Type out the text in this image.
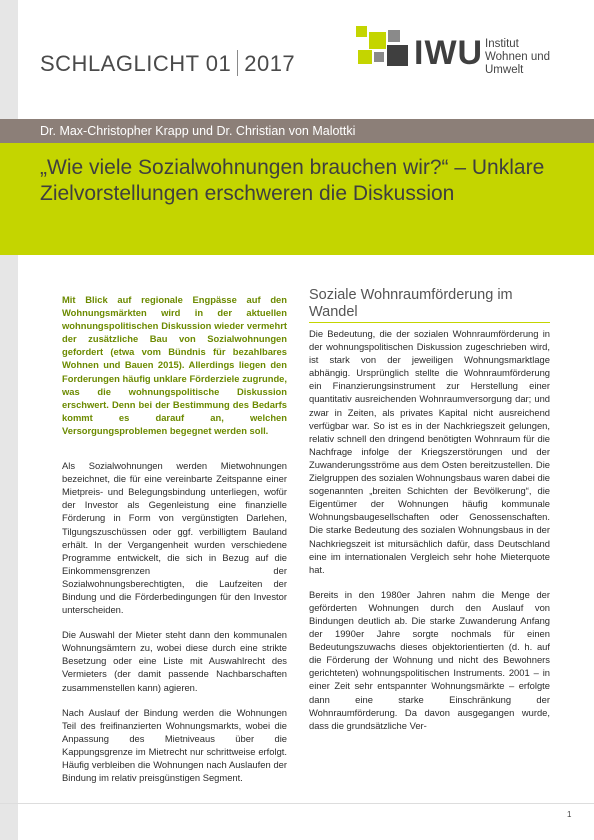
SCHLAGLICHT 01 2017	IWU Institut
Wohnen und
Umwelt
Dr. Max-Christopher Krapp und Dr. Christian von Malottki
„Wie viele Sozialwohnungen brauchen wir?“ – Unklare Zielvorstellungen erschweren die Diskussion

Mit Blick auf regionale Engpässe auf den Wohnungsmärkten wird in der aktuellen wohnungspolitischen Diskussion wieder vermehrt der zusätzliche Bau von Sozialwohnungen gefordert (etwa vom Bündnis für bezahlbares Wohnen und Bauen 2015). Allerdings liegen den Forderungen häufig unklare Förderziele zugrunde, was die wohnungspolitische Diskussion erschwert. Denn bei der Bestimmung des Bedarfs kommt es darauf an, welchen Versorgungsproblemen begegnet werden soll.

Als Sozialwohnungen werden Mietwohnungen bezeichnet, die für eine vereinbarte Zeitspanne einer Mietpreis- und Belegungsbindung unterliegen, wofür der Investor als Gegenleistung eine finanzielle Förderung in Form von vergünstigten Darlehen, Tilgungszuschüssen oder ggf. verbilligtem Bauland erhält. In der Vergangenheit wurden verschiedene Programme entwickelt, die sich in Bezug auf die Einkommensgrenzen der Sozialwohnungsberechtigten, die Laufzeiten der Bindung und die Förderbedingungen für den Investor unterscheiden.

Die Auswahl der Mieter steht dann den kommunalen Wohnungsämtern zu, wobei diese durch eine strikte Besetzung oder eine Liste mit Auswahlrecht des Vermieters (der damit passende Nachbarschaften zusammenstellen kann) agieren.

Nach Auslauf der Bindung werden die Wohnungen Teil des freifinanzierten Wohnungsmarkts, wobei die Anpassung des Mietniveaus über die Kappungsgrenze im Mietrecht nur schrittweise erfolgt. Häufig verbleiben die Wohnungen nach Auslaufen der Bindung im relativ preisgünstigen Segment.

Soziale Wohnraumförderung im Wandel

Die Bedeutung, die der sozialen Wohnraumförderung in der wohnungspolitischen Diskussion zugeschrieben wird, ist stark von der jeweiligen Wohnungsmarktlage abhängig. Ursprünglich stellte die Wohnraumförderung ein Finanzierungsinstrument zur Herstellung einer quantitativ ausreichenden Wohnraumversorgung dar; und zwar in Zeiten, als privates Kapital nicht ausreichend verfügbar war. So ist es in der Nachkriegszeit gelungen, relativ schnell den dringend benötigten Wohnraum für die Nachfrage infolge der Kriegszerstörungen und der Zuwanderungsströme aus dem Osten bereitzustellen. Die Zielgruppen des sozialen Wohnungsbaus waren dabei die sogenannten „breiten Schichten der Bevölkerung“, die Eigentümer der Wohnungen häufig kommunale Wohnungsbaugesellschaften oder Genossenschaften. Die starke Bedeutung des sozialen Wohnungsbaus in der Nachkriegszeit ist mitursächlich dafür, dass Deutschland eine im internationalen Vergleich sehr hohe Mieterquote hat.

Bereits in den 1980er Jahren nahm die Menge der geförderten Wohnungen durch den Auslauf von Bindungen deutlich ab. Die starke Zuwanderung Anfang der 1990er Jahre sorgte nochmals für einen Bedeutungszuwachs dieses objektorientierten (d. h. auf die Förderung der Wohnung und nicht des Bewohners gerichteten) wohnungspolitischen Instruments. 2001 – in einer Zeit sehr entspannter Wohnungsmärkte – erfolgte dann eine starke Einschränkung der Wohnraumförderung. Da davon ausgegangen wurde, dass die grundsätzliche Ver-

1
